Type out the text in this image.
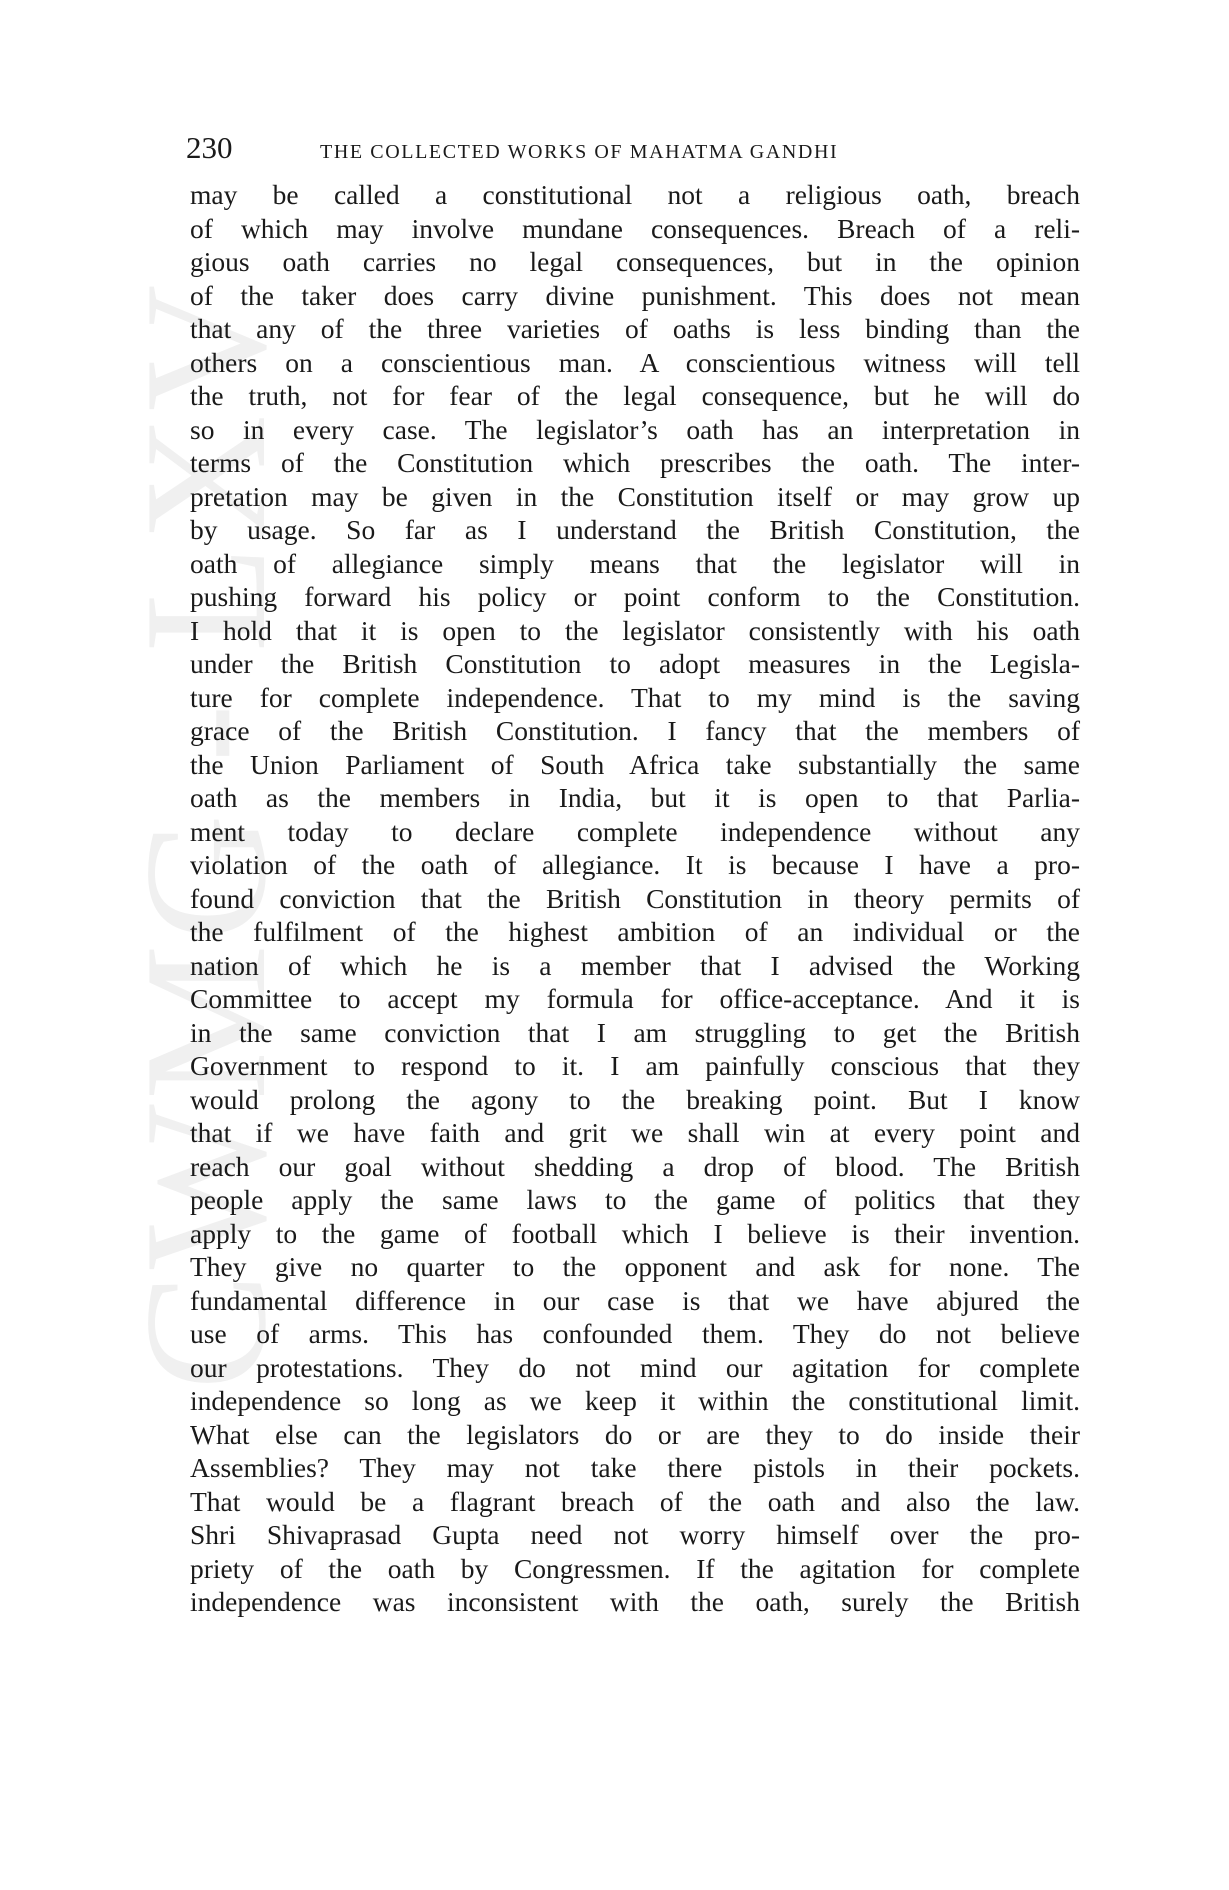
CWMG - LXV
230	THE COLLECTED WORKS OF MAHATMA GANDHI
may be called a constitutional not a religious oath, breach
of which may involve mundane consequences. Breach of a reli-
gious oath carries no legal consequences, but in the opinion
of the taker does carry divine punishment. This does not mean
that any of the three varieties of oaths is less binding than the
others on a conscientious man. A conscientious witness will tell
the truth, not for fear of the legal consequence, but he will do
so in every case. The legislator’s oath has an interpretation in
terms of the Constitution which prescribes the oath. The inter-
pretation may be given in the Constitution itself or may grow up
by usage. So far as I understand the British Constitution, the
oath of allegiance simply means that the legislator will in
pushing forward his policy or point conform to the Constitution.
I hold that it is open to the legislator consistently with his oath
under the British Constitution to adopt measures in the Legisla-
ture for complete independence. That to my mind is the saving
grace of the British Constitution. I fancy that the members of
the Union Parliament of South Africa take substantially the same
oath as the members in India, but it is open to that Parlia-
ment today to declare complete independence without any
violation of the oath of allegiance. It is because I have a pro-
found conviction that the British Constitution in theory permits of
the fulfilment of the highest ambition of an individual or the
nation of which he is a member that I advised the Working
Committee to accept my formula for office-acceptance. And it is
in the same conviction that I am struggling to get the British
Government to respond to it. I am painfully conscious that they
would prolong the agony to the breaking point. But I know
that if we have faith and grit we shall win at every point and
reach our goal without shedding a drop of blood. The British
people apply the same laws to the game of politics that they
apply to the game of football which I believe is their invention.
They give no quarter to the opponent and ask for none. The
fundamental difference in our case is that we have abjured the
use of arms. This has confounded them. They do not believe
our protestations. They do not mind our agitation for complete
independence so long as we keep it within the constitutional limit.
What else can the legislators do or are they to do inside their
Assemblies? They may not take there pistols in their pockets.
That would be a flagrant breach of the oath and also the law.
Shri Shivaprasad Gupta need not worry himself over the pro-
priety of the oath by Congressmen. If the agitation for complete
independence was inconsistent with the oath, surely the British
